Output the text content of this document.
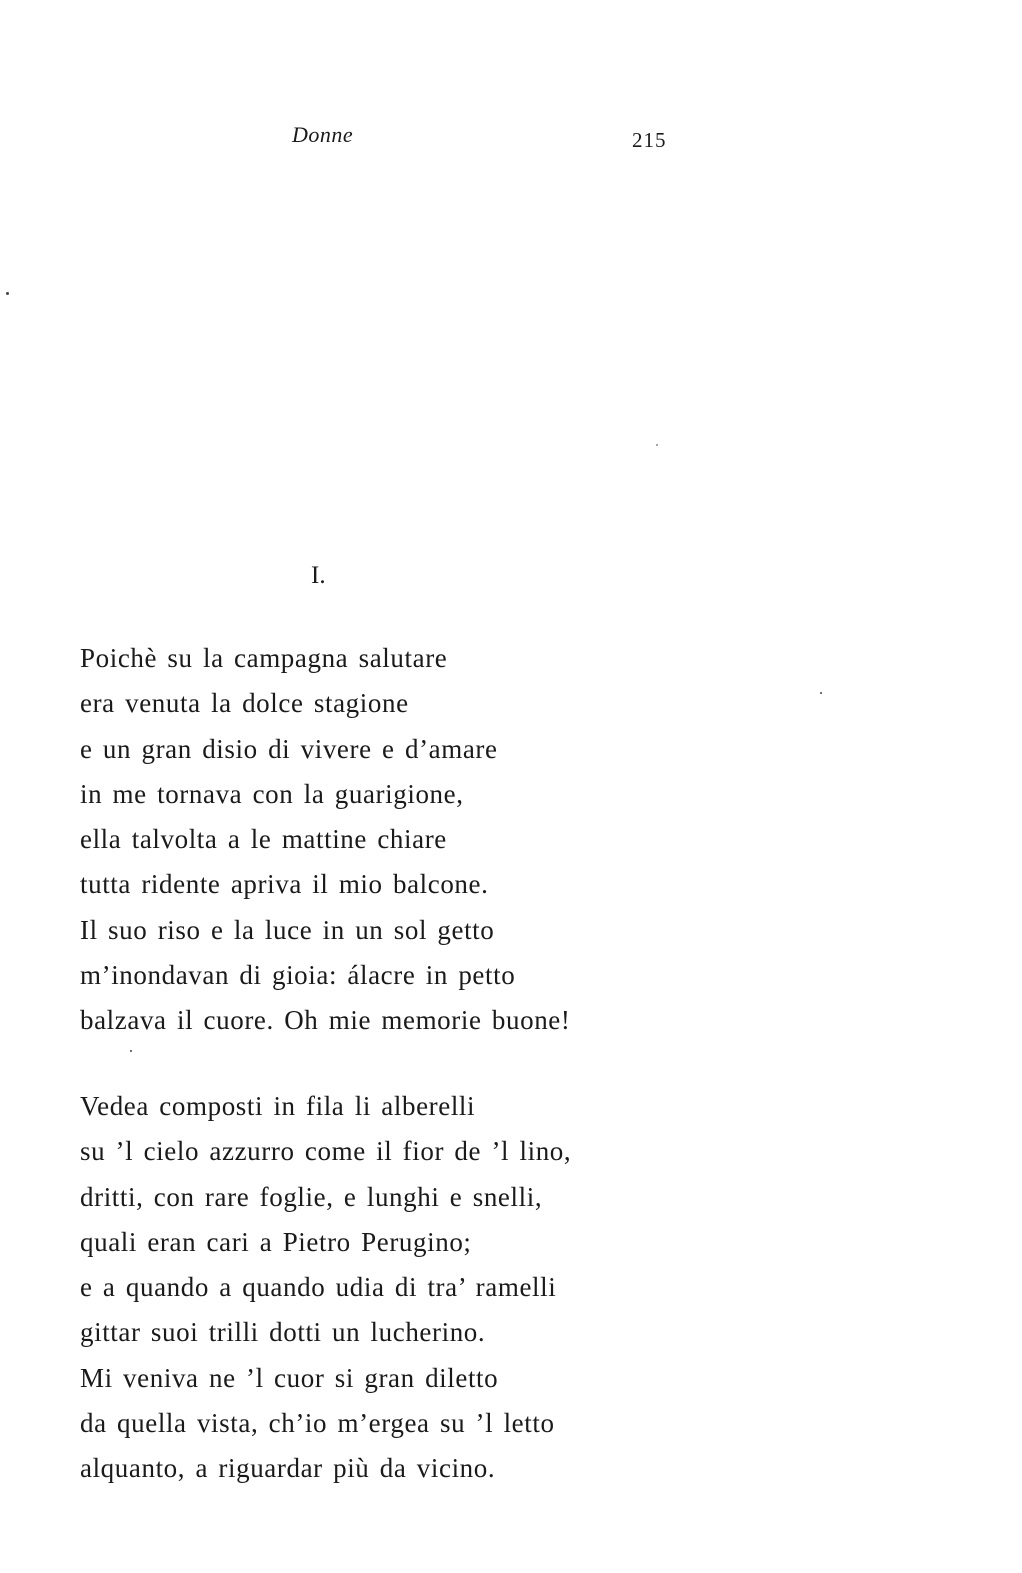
Donne	215
I.
Poichè su la campagna salutare
era venuta la dolce stagione
e un gran disio di vivere e d’amare
in me tornava con la guarigione,
ella talvolta a le mattine chiare
tutta ridente apriva il mio balcone.
Il suo riso e la luce in un sol getto
m’inondavan di gioia: álacre in petto
balzava il cuore. Oh mie memorie buone!
Vedea composti in fila li alberelli
su ’l cielo azzurro come il fior de ’l lino,
dritti, con rare foglie, e lunghi e snelli,
quali eran cari a Pietro Perugino;
e a quando a quando udia di tra’ ramelli
gittar suoi trilli dotti un lucherino.
Mi veniva ne ’l cuor si gran diletto
da quella vista, ch’io m’ergea su ’l letto
alquanto, a riguardar più da vicino.
